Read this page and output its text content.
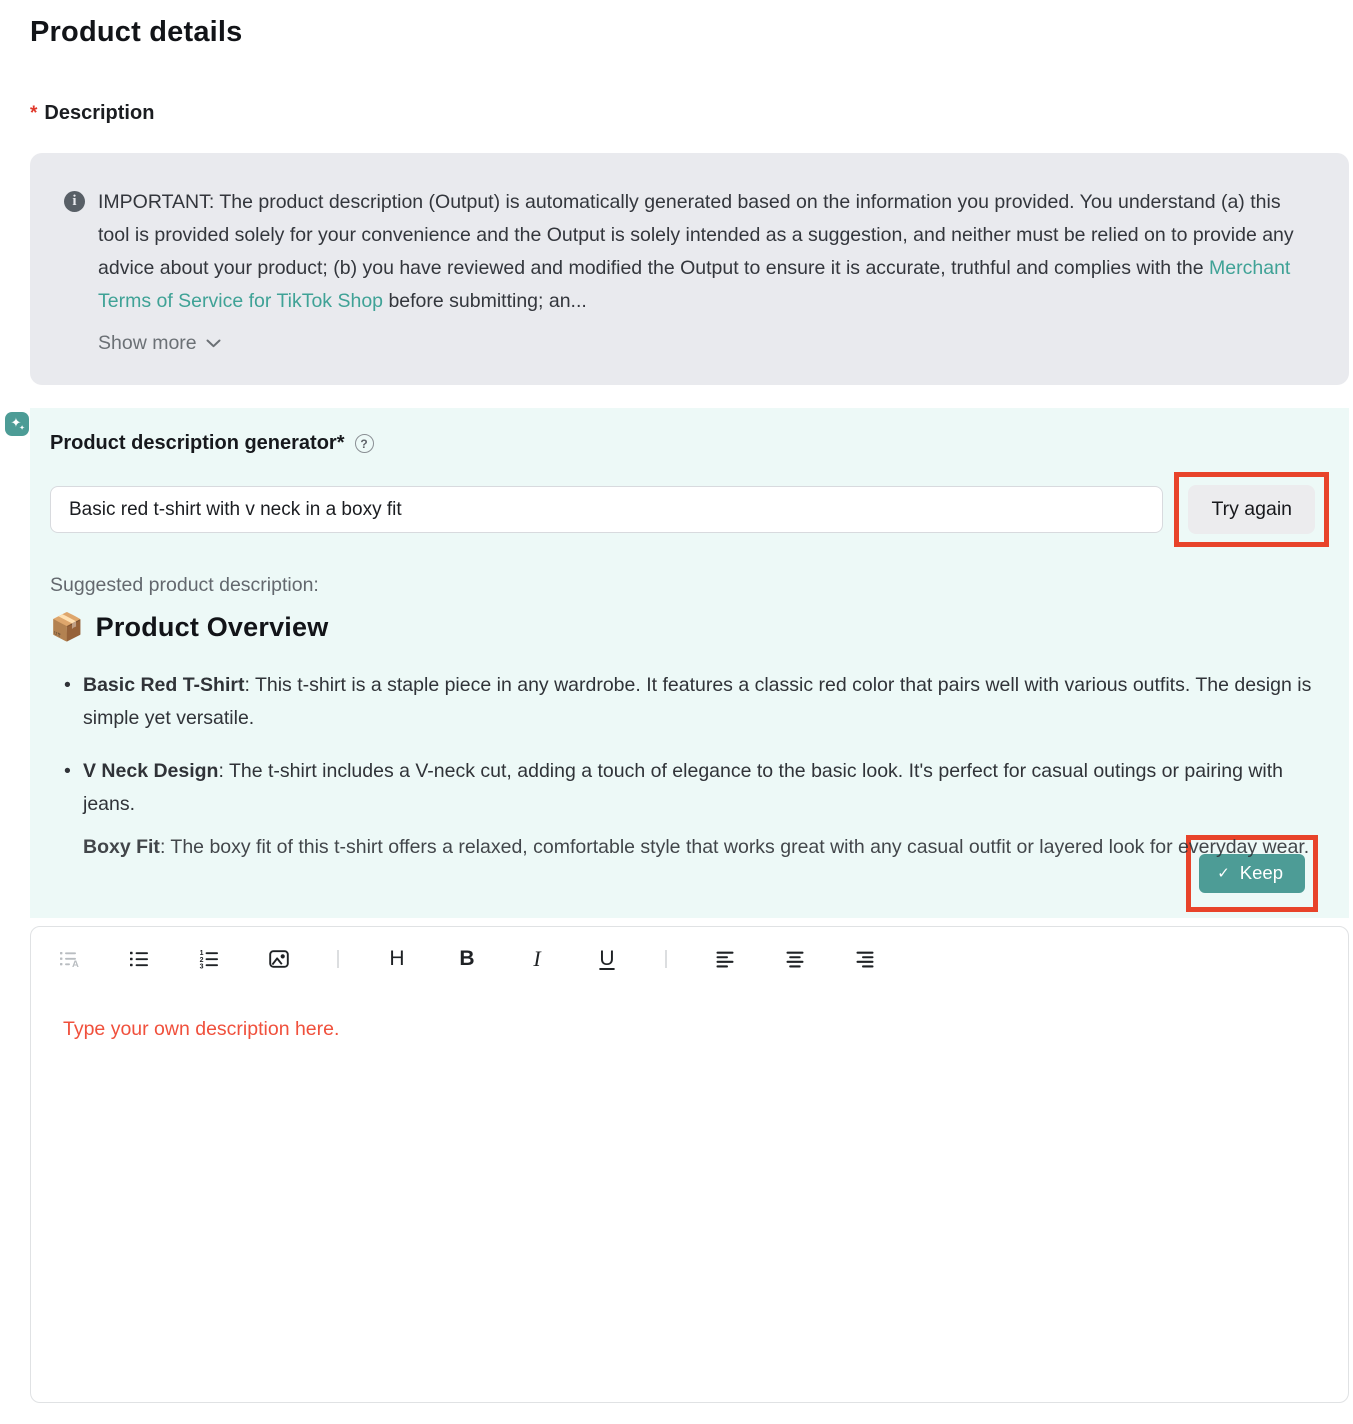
Product details
* Description
i	IMPORTANT: The product description (Output) is automatically generated based on the information you provided. You understand (a) this tool is provided solely for your convenience and the Output is solely intended as a suggestion, and neither must be relied on to provide any advice about your product; (b) you have reviewed and modified the Output to ensure it is accurate, truthful and complies with the Merchant Terms of Service for TikTok Shop before submitting; an...

Show more
✦
✦
Product description generator*	?
Basic red t-shirt with v neck in a boxy fit
Try again
Suggested product description:
📦 Product Overview
• Basic Red T-Shirt: This t-shirt is a staple piece in any wardrobe. It features a classic red color that pairs well with various outfits. The design is simple yet versatile.
• V Neck Design: The t-shirt includes a V-neck cut, adding a touch of elegance to the basic look. It's perfect for casual outings or pairing with jeans.
Boxy Fit: The boxy fit of this t-shirt offers a relaxed, comfortable style that works great with any casual outfit or layered look for everyday wear.
✓ Keep
A
1
2
3	H	B	I	U
Type your own description here.
